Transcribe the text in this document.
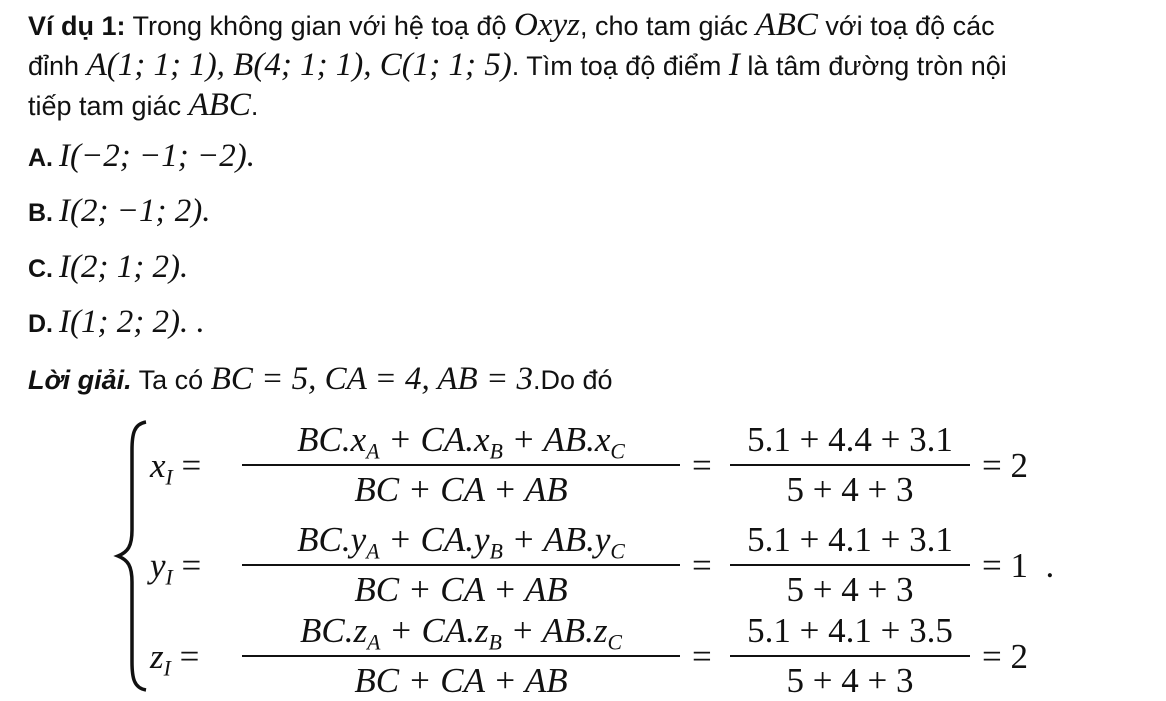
Ví dụ 1: Trong không gian với hệ toạ độ Oxyz, cho tam giác ABC với toạ độ các
đỉnh A(1; 1; 1), B(4; 1; 1), C(1; 1; 5). Tìm toạ độ điểm I là tâm đường tròn nội
tiếp tam giác ABC.
A. I(−2; −1; −2).
B. I(2; −1; 2).
C. I(2; 1; 2).
D. I(1; 2; 2). .
Lời giải. Ta có BC = 5, CA = 4, AB = 3.Do đó
$x_I$ =
$BC.x_A + CA.x_B + AB.x_C$
BC + CA + AB
=
5.1 + 4.4 + 3.1
5 + 4 + 3
= 2
$y_I$ =
$BC.y_A + CA.y_B + AB.y_C$
BC + CA + AB
=
5.1 + 4.1 + 3.1
5 + 4 + 3
= 1 .
$z_I$ =
$BC.z_A + CA.z_B + AB.z_C$
BC + CA + AB
=
5.1 + 4.1 + 3.5
5 + 4 + 3
= 2
